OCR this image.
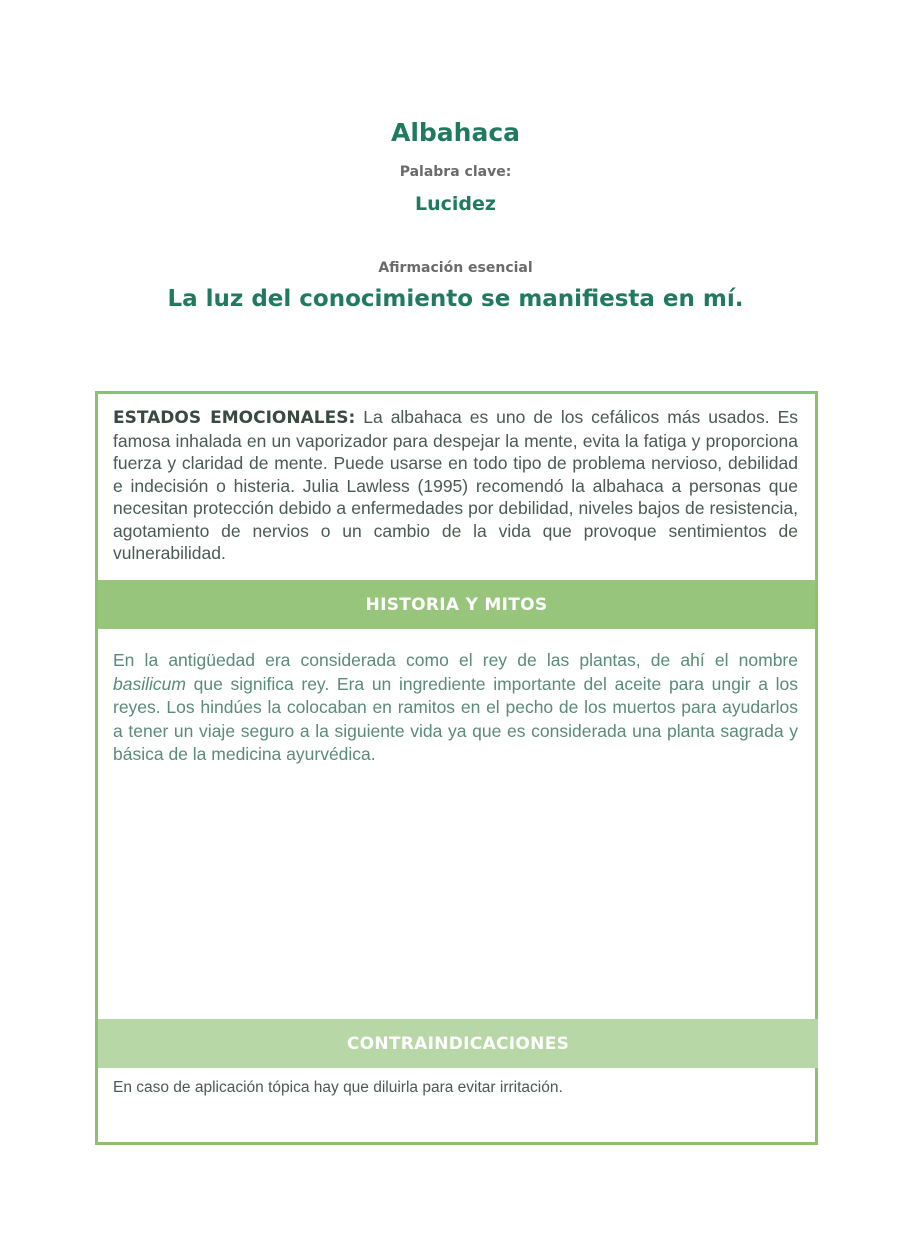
Albahaca
Palabra clave:
Lucidez
Afirmación esencial
La luz del conocimiento se manifiesta en mí.
ESTADOS EMOCIONALES: La albahaca es uno de los cefálicos más usados. Es famosa inhalada en un vaporizador para despejar la mente, evita la fatiga y proporciona fuerza y claridad de mente. Puede usarse en todo tipo de problema nervioso, debilidad e indecisión o histeria. Julia Lawless (1995) recomendó la albahaca a personas que necesitan protección debido a enfermedades por debilidad, niveles bajos de resistencia, agotamiento de nervios o un cambio de la vida que provoque sentimientos de vulnerabilidad.
HISTORIA Y MITOS
En la antigüedad era considerada como el rey de las plantas, de ahí el nombre basilicum que significa rey. Era un ingrediente importante del aceite para ungir a los reyes. Los hindúes la colocaban en ramitos en el pecho de los muertos para ayudarlos a tener un viaje seguro a la siguiente vida ya que es considerada una planta sagrada y básica de la medicina ayurvédica.
CONTRAINDICACIONES
En caso de aplicación tópica hay que diluirla para evitar irritación.
